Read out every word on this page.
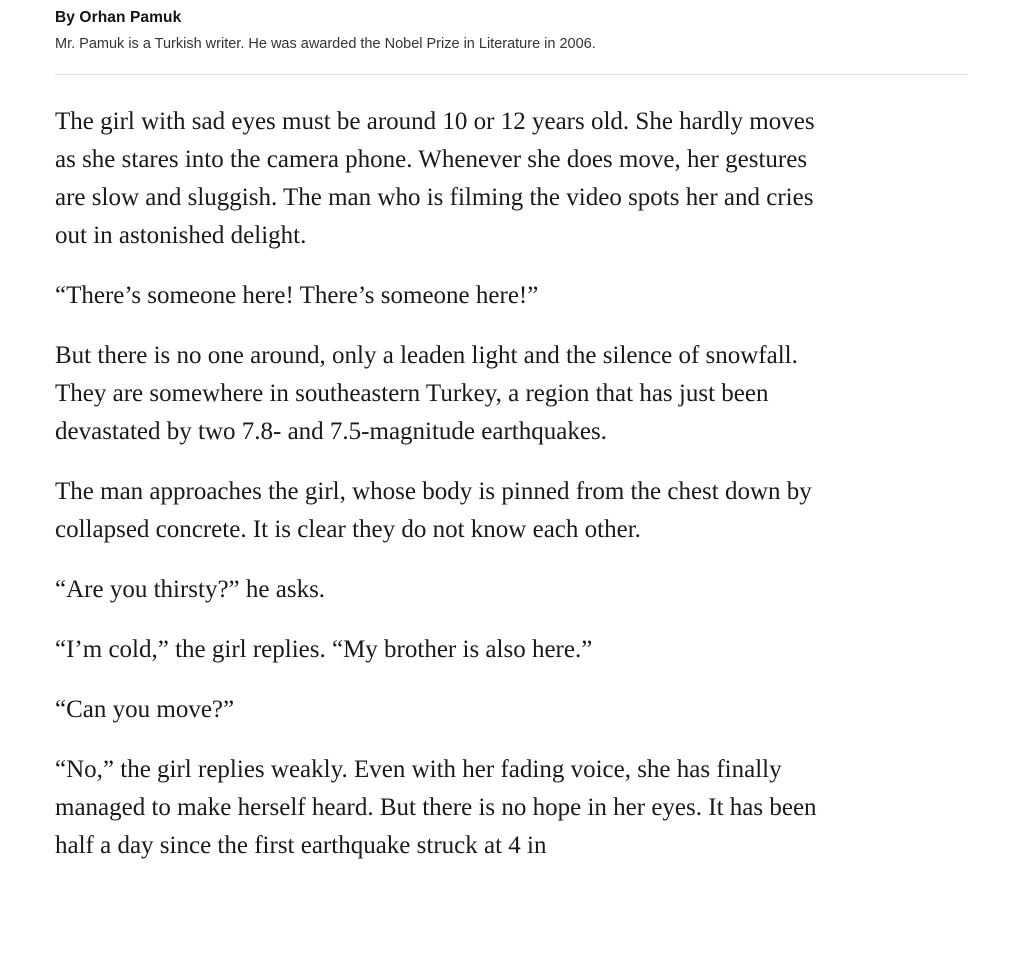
By Orhan Pamuk
Mr. Pamuk is a Turkish writer. He was awarded the Nobel Prize in Literature in 2006.

The girl with sad eyes must be around 10 or 12 years old. She hardly moves as she stares into the camera phone. Whenever she does move, her gestures are slow and sluggish. The man who is filming the video spots her and cries out in astonished delight.

“There’s someone here! There’s someone here!”

But there is no one around, only a leaden light and the silence of snowfall. They are somewhere in southeastern Turkey, a region that has just been devastated by two 7.8- and 7.5-magnitude earthquakes.

The man approaches the girl, whose body is pinned from the chest down by collapsed concrete. It is clear they do not know each other.

“Are you thirsty?” he asks.

“I’m cold,” the girl replies. “My brother is also here.”

“Can you move?”

“No,” the girl replies weakly. Even with her fading voice, she has finally managed to make herself heard. But there is no hope in her eyes. It has been half a day since the first earthquake struck at 4 in
